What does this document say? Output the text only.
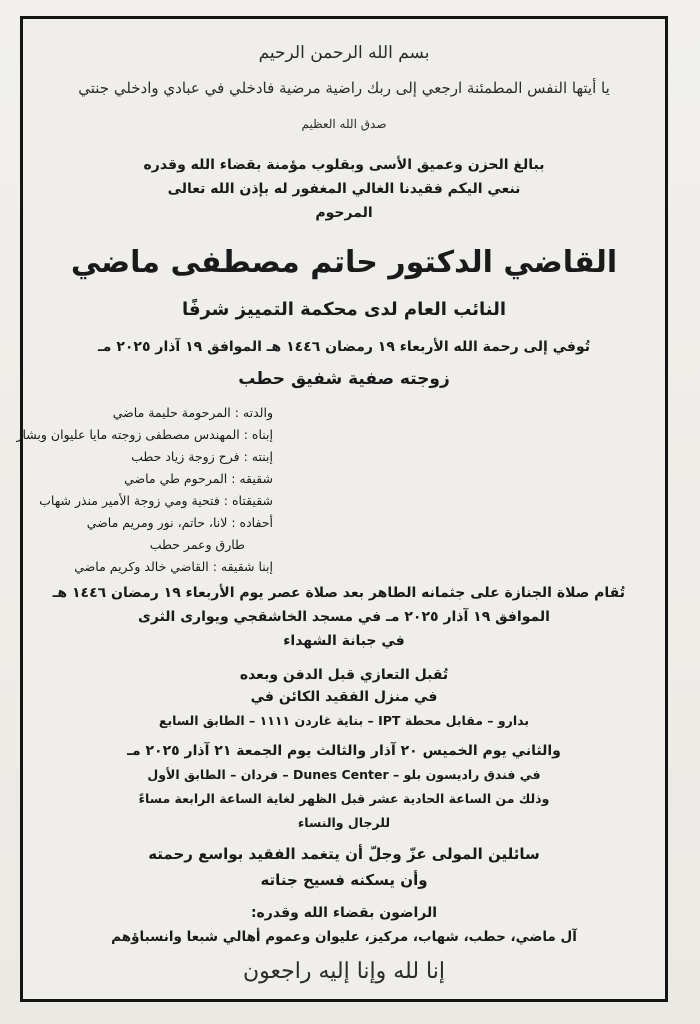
بسم الله الرحمن الرحيم
يا أيتها النفس المطمئنة ارجعي إلى ربك راضية مرضية فادخلي في عبادي وادخلي جنتي
صدق الله العظيم
ببالغ الحزن وعميق الأسى وبقلوب مؤمنة بقضاء الله وقدره
ننعي اليكم فقيدنا الغالي المغفور له بإذن الله تعالى
المرحوم
القاضي الدكتور حاتم مصطفى ماضي
النائب العام لدى محكمة التمييز شرفًا
تُوفي إلى رحمة الله الأربعاء ١٩ رمضان ١٤٤٦ هـ الموافق ١٩ آذار ٢٠٢٥ مـ
زوجته صفية شفيق حطب
والدته : المرحومة حليمة ماضي
إبناه : المهندس مصطفى زوجته مايا عليوان وبشار
إبنته : فرح زوجة زياد حطب
شقيقه : المرحوم طي ماضي
شقيقتاه : فتحية ومي زوجة الأمير منذر شهاب
أحفاده : لانا، حاتم، نور ومريم ماضي
طارق وعمر حطب
إبنا شقيقه : القاضي خالد وكريم ماضي
تُقام صلاة الجنازة على جثمانه الطاهر بعد صلاة عصر يوم الأربعاء ١٩ رمضان ١٤٤٦ هـ
الموافق ١٩ آذار ٢٠٢٥ مـ في مسجد الخاشقجي ويوارى الثرى
في جبانة الشهداء
تُقبل التعازي قبل الدفن وبعده
في منزل الفقيد الكائن في
بدارو – مقابل محطة IPT – بناية غاردن ١١١١ – الطابق السابع
والثاني يوم الخميس ٢٠ آذار والثالث يوم الجمعة ٢١ آذار ٢٠٢٥ مـ
في فندق راديسون بلو – Dunes Center – فردان – الطابق الأول
وذلك من الساعة الحادية عشر قبل الظهر لغاية الساعة الرابعة مساءً
للرجال والنساء
سائلين المولى عزّ وجلّ أن يتغمد الفقيد بواسع رحمته
وأن يسكنه فسيح جناته
الراضون بقضاء الله وقدره:
آل ماضي، حطب، شهاب، مركيز، عليوان وعموم أهالي شبعا وانسباؤهم
إنا لله وإنا إليه راجعون
